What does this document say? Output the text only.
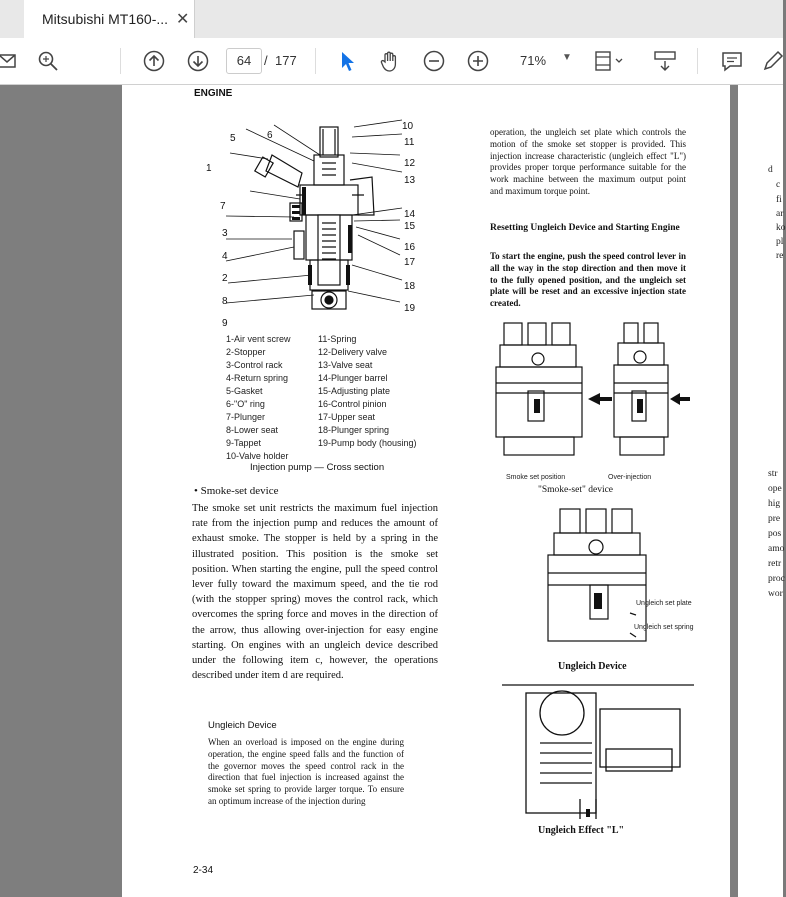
Mitsubishi MT160-... ✕
64 / 177	71% ▼
ENGINE
5	6
1
10
11
12
13
7
14
15
3
16
4
17
2
18
8
19
9
1-Air vent screw
2-Stopper
3-Control rack
4-Return spring
5-Gasket
6-"O" ring
7-Plunger
8-Lower seat
9-Tappet
10-Valve holder
11-Spring
12-Delivery valve
13-Valve seat
14-Plunger barrel
15-Adjusting plate
16-Control pinion
17-Upper seat
18-Plunger spring
19-Pump body (housing)
Injection pump — Cross section
• Smoke-set device
The smoke set unit restricts the maximum fuel injection rate from the injection pump and reduces the amount of exhaust smoke. The stopper is held by a spring in the illustrated position. This position is the smoke set position. When starting the engine, pull the speed control lever fully toward the maximum speed, and the tie rod (with the stopper spring) moves the control rack, which overcomes the spring force and moves in the direction of the arrow, thus allowing over-injection for easy engine starting. On engines with an ungleich device described under the following item c, however, the operations described under item d are required.
Ungleich Device
When an overload is imposed on the engine during operation, the engine speed falls and the function of the governor moves the speed control rack in the direction that fuel injection is increased against the smoke set spring to provide larger torque. To ensure an optimum increase of the injection during
2-34
operation, the ungleich set plate which controls the motion of the smoke set stopper is provided. This injection increase characteristic (ungleich effect "L") provides proper torque performance suitable for the work machine between the maximum output point and maximum torque point.
Resetting Ungleich Device and Starting Engine
To start the engine, push the speed control lever in all the way in the stop direction and then move it to the fully opened position, and the ungleich set plate will be reset and an excessive injection state created.
Smoke set position	Over-injection
"Smoke-set" device
Ungleich set plate
Ungleich set spring
Ungleich Device
Ungleich Effect "L"
d
c
fi
ar
ko
pl
re
str
ope
hig
pre
pos
amo
retr
proc
wor
